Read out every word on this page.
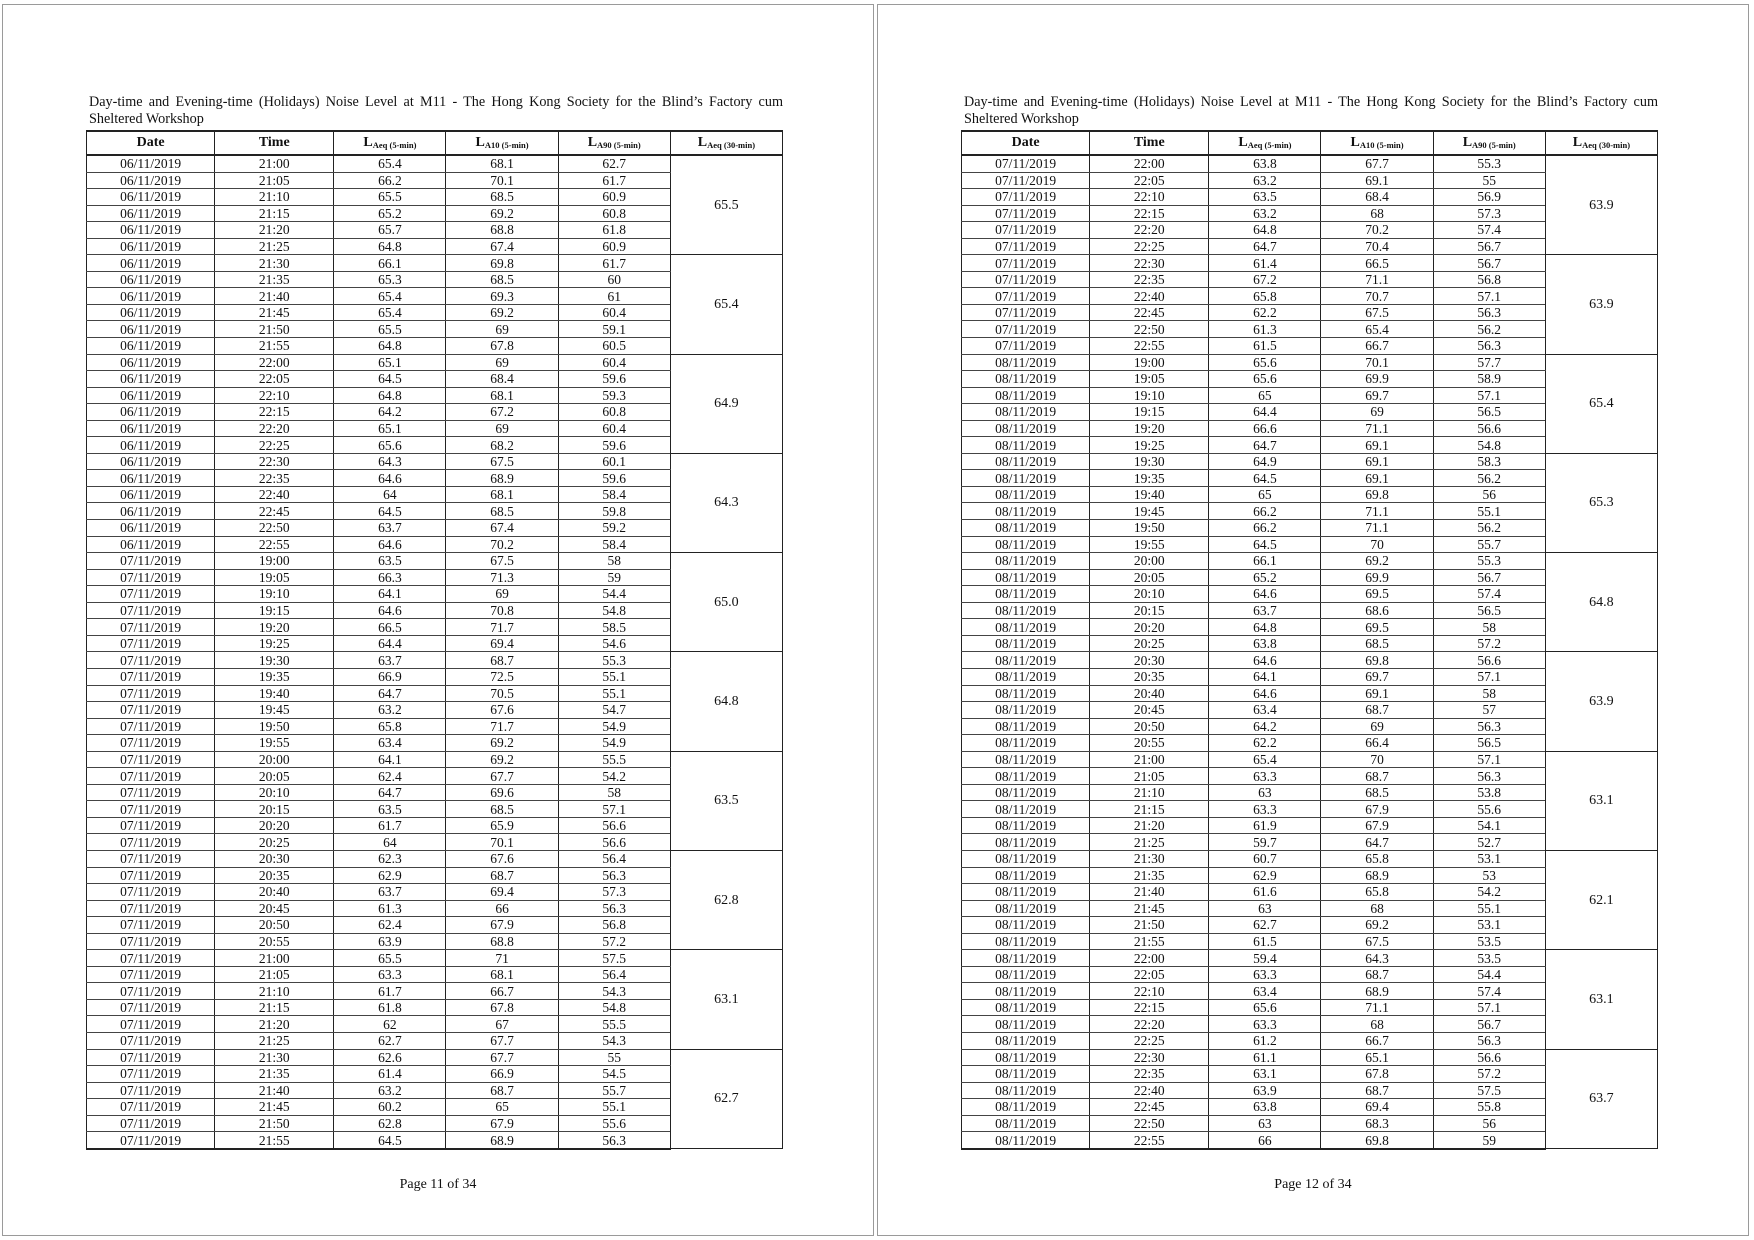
Day-time and Evening-time (Holidays) Noise Level at M11 - The Hong Kong Society for the Blind’s Factory cum
Sheltered Workshop
Date	Time	$L_{Aeq (5-min)}$	$L_{A10 (5-min)}$	$L_{A90 (5-min)}$	$L_{Aeq (30-min)}$
06/11/2019	21:00	65.4	68.1	62.7	65.5
06/11/2019	21:05	66.2	70.1	61.7	
06/11/2019	21:10	65.5	68.5	60.9	
06/11/2019	21:15	65.2	69.2	60.8	
06/11/2019	21:20	65.7	68.8	61.8	
06/11/2019	21:25	64.8	67.4	60.9	
06/11/2019	21:30	66.1	69.8	61.7	65.4
06/11/2019	21:35	65.3	68.5	60	
06/11/2019	21:40	65.4	69.3	61	
06/11/2019	21:45	65.4	69.2	60.4	
06/11/2019	21:50	65.5	69	59.1	
06/11/2019	21:55	64.8	67.8	60.5	
06/11/2019	22:00	65.1	69	60.4	64.9
06/11/2019	22:05	64.5	68.4	59.6	
06/11/2019	22:10	64.8	68.1	59.3	
06/11/2019	22:15	64.2	67.2	60.8	
06/11/2019	22:20	65.1	69	60.4	
06/11/2019	22:25	65.6	68.2	59.6	
06/11/2019	22:30	64.3	67.5	60.1	64.3
06/11/2019	22:35	64.6	68.9	59.6	
06/11/2019	22:40	64	68.1	58.4	
06/11/2019	22:45	64.5	68.5	59.8	
06/11/2019	22:50	63.7	67.4	59.2	
06/11/2019	22:55	64.6	70.2	58.4	
07/11/2019	19:00	63.5	67.5	58	65.0
07/11/2019	19:05	66.3	71.3	59	
07/11/2019	19:10	64.1	69	54.4	
07/11/2019	19:15	64.6	70.8	54.8	
07/11/2019	19:20	66.5	71.7	58.5	
07/11/2019	19:25	64.4	69.4	54.6	
07/11/2019	19:30	63.7	68.7	55.3	64.8
07/11/2019	19:35	66.9	72.5	55.1	
07/11/2019	19:40	64.7	70.5	55.1	
07/11/2019	19:45	63.2	67.6	54.7	
07/11/2019	19:50	65.8	71.7	54.9	
07/11/2019	19:55	63.4	69.2	54.9	
07/11/2019	20:00	64.1	69.2	55.5	63.5
07/11/2019	20:05	62.4	67.7	54.2	
07/11/2019	20:10	64.7	69.6	58	
07/11/2019	20:15	63.5	68.5	57.1	
07/11/2019	20:20	61.7	65.9	56.6	
07/11/2019	20:25	64	70.1	56.6	
07/11/2019	20:30	62.3	67.6	56.4	62.8
07/11/2019	20:35	62.9	68.7	56.3	
07/11/2019	20:40	63.7	69.4	57.3	
07/11/2019	20:45	61.3	66	56.3	
07/11/2019	20:50	62.4	67.9	56.8	
07/11/2019	20:55	63.9	68.8	57.2	
07/11/2019	21:00	65.5	71	57.5	63.1
07/11/2019	21:05	63.3	68.1	56.4	
07/11/2019	21:10	61.7	66.7	54.3	
07/11/2019	21:15	61.8	67.8	54.8	
07/11/2019	21:20	62	67	55.5	
07/11/2019	21:25	62.7	67.7	54.3	
07/11/2019	21:30	62.6	67.7	55	62.7
07/11/2019	21:35	61.4	66.9	54.5	
07/11/2019	21:40	63.2	68.7	55.7	
07/11/2019	21:45	60.2	65	55.1	
07/11/2019	21:50	62.8	67.9	55.6	
07/11/2019	21:55	64.5	68.9	56.3	
Page 11 of 34
Day-time and Evening-time (Holidays) Noise Level at M11 - The Hong Kong Society for the Blind’s Factory cum
Sheltered Workshop
Date	Time	$L_{Aeq (5-min)}$	$L_{A10 (5-min)}$	$L_{A90 (5-min)}$	$L_{Aeq (30-min)}$
07/11/2019	22:00	63.8	67.7	55.3	63.9
07/11/2019	22:05	63.2	69.1	55	
07/11/2019	22:10	63.5	68.4	56.9	
07/11/2019	22:15	63.2	68	57.3	
07/11/2019	22:20	64.8	70.2	57.4	
07/11/2019	22:25	64.7	70.4	56.7	
07/11/2019	22:30	61.4	66.5	56.7	63.9
07/11/2019	22:35	67.2	71.1	56.8	
07/11/2019	22:40	65.8	70.7	57.1	
07/11/2019	22:45	62.2	67.5	56.3	
07/11/2019	22:50	61.3	65.4	56.2	
07/11/2019	22:55	61.5	66.7	56.3	
08/11/2019	19:00	65.6	70.1	57.7	65.4
08/11/2019	19:05	65.6	69.9	58.9	
08/11/2019	19:10	65	69.7	57.1	
08/11/2019	19:15	64.4	69	56.5	
08/11/2019	19:20	66.6	71.1	56.6	
08/11/2019	19:25	64.7	69.1	54.8	
08/11/2019	19:30	64.9	69.1	58.3	65.3
08/11/2019	19:35	64.5	69.1	56.2	
08/11/2019	19:40	65	69.8	56	
08/11/2019	19:45	66.2	71.1	55.1	
08/11/2019	19:50	66.2	71.1	56.2	
08/11/2019	19:55	64.5	70	55.7	
08/11/2019	20:00	66.1	69.2	55.3	64.8
08/11/2019	20:05	65.2	69.9	56.7	
08/11/2019	20:10	64.6	69.5	57.4	
08/11/2019	20:15	63.7	68.6	56.5	
08/11/2019	20:20	64.8	69.5	58	
08/11/2019	20:25	63.8	68.5	57.2	
08/11/2019	20:30	64.6	69.8	56.6	63.9
08/11/2019	20:35	64.1	69.7	57.1	
08/11/2019	20:40	64.6	69.1	58	
08/11/2019	20:45	63.4	68.7	57	
08/11/2019	20:50	64.2	69	56.3	
08/11/2019	20:55	62.2	66.4	56.5	
08/11/2019	21:00	65.4	70	57.1	63.1
08/11/2019	21:05	63.3	68.7	56.3	
08/11/2019	21:10	63	68.5	53.8	
08/11/2019	21:15	63.3	67.9	55.6	
08/11/2019	21:20	61.9	67.9	54.1	
08/11/2019	21:25	59.7	64.7	52.7	
08/11/2019	21:30	60.7	65.8	53.1	62.1
08/11/2019	21:35	62.9	68.9	53	
08/11/2019	21:40	61.6	65.8	54.2	
08/11/2019	21:45	63	68	55.1	
08/11/2019	21:50	62.7	69.2	53.1	
08/11/2019	21:55	61.5	67.5	53.5	
08/11/2019	22:00	59.4	64.3	53.5	63.1
08/11/2019	22:05	63.3	68.7	54.4	
08/11/2019	22:10	63.4	68.9	57.4	
08/11/2019	22:15	65.6	71.1	57.1	
08/11/2019	22:20	63.3	68	56.7	
08/11/2019	22:25	61.2	66.7	56.3	
08/11/2019	22:30	61.1	65.1	56.6	63.7
08/11/2019	22:35	63.1	67.8	57.2	
08/11/2019	22:40	63.9	68.7	57.5	
08/11/2019	22:45	63.8	69.4	55.8	
08/11/2019	22:50	63	68.3	56	
08/11/2019	22:55	66	69.8	59	
Page 12 of 34
